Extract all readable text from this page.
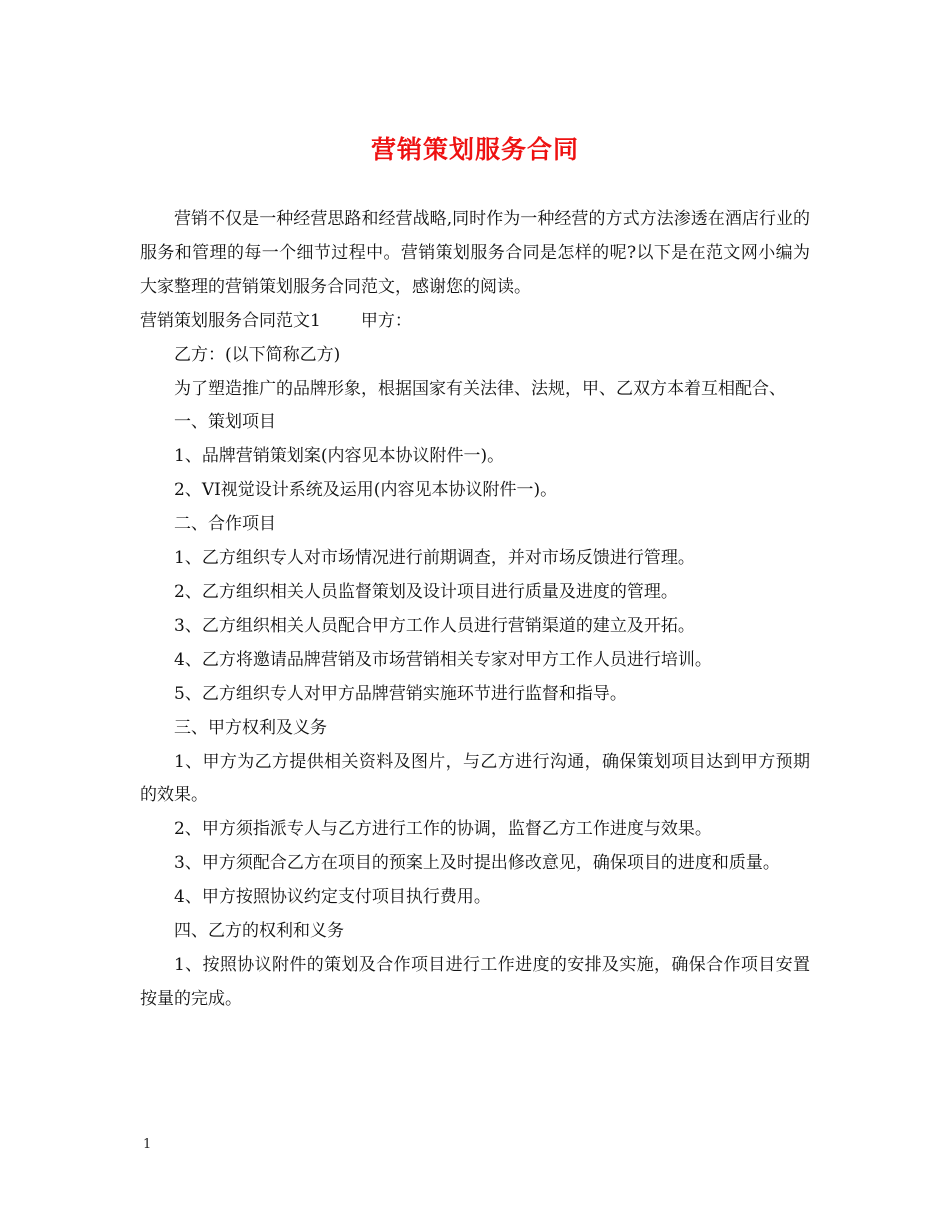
营销策划服务合同

营销不仅是一种经营思路和经营战略,同时作为一种经营的方式方法渗透在酒店行业的服务和管理的每一个细节过程中。营销策划服务合同是怎样的呢?以下是在范文网小编为大家整理的营销策划服务合同范文，感谢您的阅读。

营销策划服务合同范文1 甲方：

乙方：(以下简称乙方)

为了塑造推广的品牌形象，根据国家有关法律、法规，甲、乙双方本着互相配合、

一、策划项目

1、品牌营销策划案(内容见本协议附件一)。

2、VI视觉设计系统及运用(内容见本协议附件一)。

二、合作项目

1、乙方组织专人对市场情况进行前期调查，并对市场反馈进行管理。

2、乙方组织相关人员监督策划及设计项目进行质量及进度的管理。

3、乙方组织相关人员配合甲方工作人员进行营销渠道的建立及开拓。

4、乙方将邀请品牌营销及市场营销相关专家对甲方工作人员进行培训。

5、乙方组织专人对甲方品牌营销实施环节进行监督和指导。

三、甲方权利及义务

1、甲方为乙方提供相关资料及图片，与乙方进行沟通，确保策划项目达到甲方预期的效果。

2、甲方须指派专人与乙方进行工作的协调，监督乙方工作进度与效果。

3、甲方须配合乙方在项目的预案上及时提出修改意见，确保项目的进度和质量。

4、甲方按照协议约定支付项目执行费用。

四、乙方的权利和义务

1、按照协议附件的策划及合作项目进行工作进度的安排及实施，确保合作项目安置按量的完成。

1
